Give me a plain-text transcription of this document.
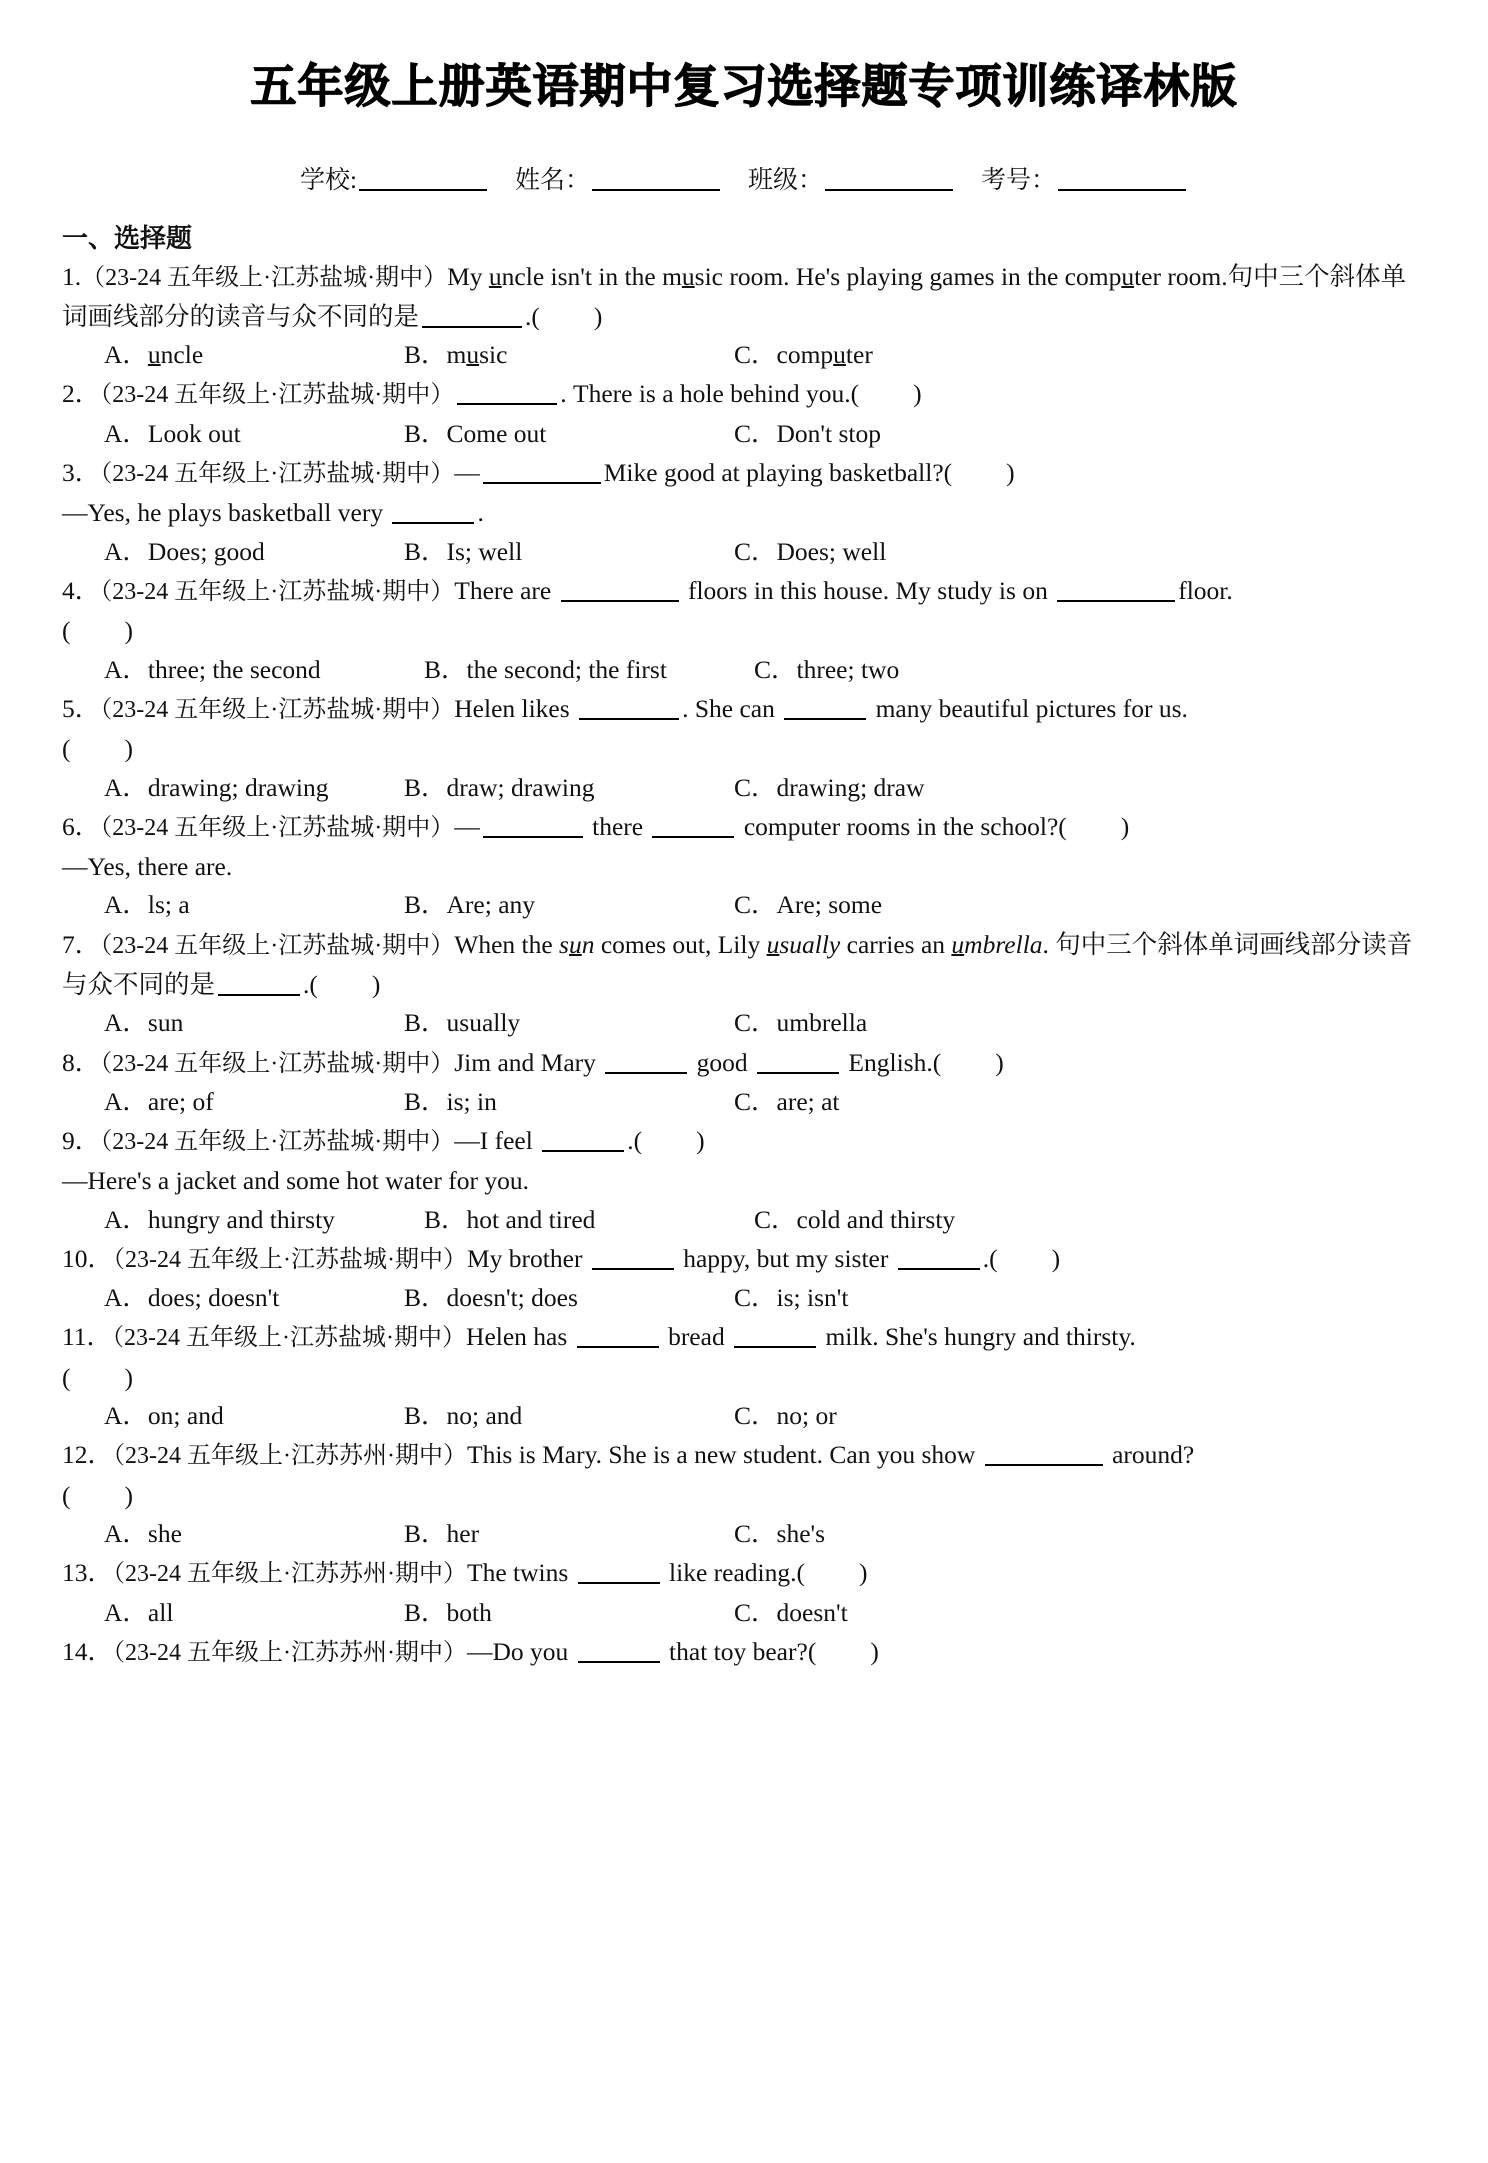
五年级上册英语期中复习选择题专项训练译林版
学校:	姓名：	班级：	考号：
一、选择题
1.（23-24 五年级上·江苏盐城·期中）My uncle isn't in the music room. He's playing games in the computer room.句中三个斜体单词画线部分的读音与众不同的是	.( )
A．uncle	B．music	C．computer
2．（23-24 五年级上·江苏盐城·期中）	. There is a hole behind you.( )
A．Look out	B．Come out	C．Don't stop
3．（23-24 五年级上·江苏盐城·期中）—	Mike good at playing basketball?( )
—Yes, he plays basketball very	.
A．Does; good	B．Is; well	C．Does; well
4．（23-24 五年级上·江苏盐城·期中）There are	floors in this house. My study is on	floor.
( )
A．three; the second	B．the second; the first	C．three; two
5．（23-24 五年级上·江苏盐城·期中）Helen likes	. She can	many beautiful pictures for us.
( )
A．drawing; drawing	B．draw; drawing	C．drawing; draw
6．（23-24 五年级上·江苏盐城·期中）—	there	computer rooms in the school?( )
—Yes, there are.
A．ls; a	B．Are; any	C．Are; some
7．（23-24 五年级上·江苏盐城·期中）When the sun comes out, Lily usually carries an umbrella. 句中三个斜体单词画线部分读音与众不同的是	.( )
A．sun	B．usually	C．umbrella
8．（23-24 五年级上·江苏盐城·期中）Jim and Mary	good	English.( )
A．are; of	B．is; in	C．are; at
9．（23-24 五年级上·江苏盐城·期中）—I feel	.( )
—Here's a jacket and some hot water for you.
A．hungry and thirsty	B．hot and tired	C．cold and thirsty
10．（23-24 五年级上·江苏盐城·期中）My brother	happy, but my sister	.( )
A．does; doesn't	B．doesn't; does	C．is; isn't
11．（23-24 五年级上·江苏盐城·期中）Helen has	bread	milk. She's hungry and thirsty.
( )
A．on; and	B．no; and	C．no; or
12．（23-24 五年级上·江苏苏州·期中）This is Mary. She is a new student. Can you show	around?
( )
A．she	B．her	C．she's
13．（23-24 五年级上·江苏苏州·期中）The twins	like reading.( )
A．all	B．both	C．doesn't
14．（23-24 五年级上·江苏苏州·期中）—Do you	that toy bear?( )
